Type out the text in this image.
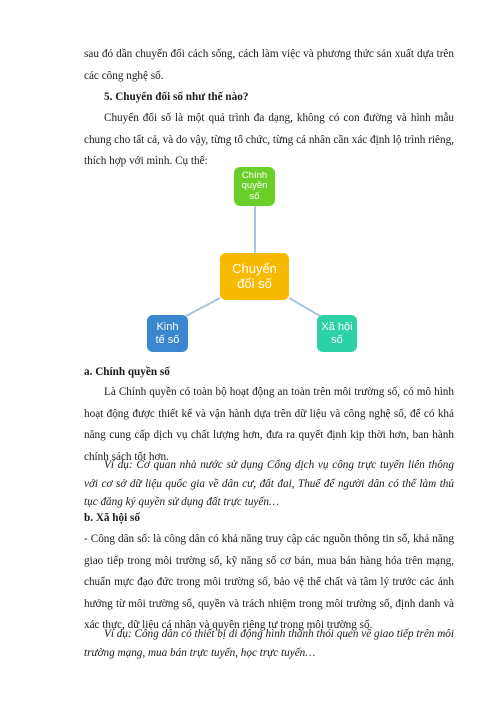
sau đó dần chuyển đổi cách sống, cách làm việc và phương thức sản xuất dựa trên các công nghệ số.

5. Chuyển đổi số như thế nào?

Chuyển đổi số là một quá trình đa dạng, không có con đường và hình mẫu chung cho tất cả, và do vậy, từng tổ chức, từng cá nhân cần xác định lộ trình riêng, thích hợp với mình. Cụ thể:

Chính
quyền
số
Chuyển
đổi số
Kinh
tế số
Xã hội
số

a. Chính quyền số

Là Chính quyền có toàn bộ hoạt động an toàn trên môi trường số, có mô hình hoạt động được thiết kế và vận hành dựa trên dữ liệu và công nghệ số, để có khả năng cung cấp dịch vụ chất lượng hơn, đưa ra quyết định kịp thời hơn, ban hành chính sách tốt hơn.

Ví dụ: Cơ quan nhà nước sử dụng Cổng dịch vụ công trực tuyến liên thông với cơ sở dữ liệu quốc gia về dân cư, đất đai, Thuế để người dân có thể làm thủ tục đăng ký quyền sử dụng đất trực tuyến…

b. Xã hội số

- Công dân số: là công dân có khả năng truy cập các nguồn thông tin số, khả năng giao tiếp trong môi trường số, kỹ năng số cơ bản, mua bán hàng hóa trên mạng, chuẩn mực đạo đức trong môi trường số, bảo vệ thể chất và tâm lý trước các ảnh hưởng từ môi trường số, quyền và trách nhiệm trong môi trường số, định danh và xác thực, dữ liệu cá nhân và quyền riêng tư trong môi trường số.

Ví dụ: Công dân có thiết bị di động hình thành thói quen về giao tiếp trên môi trường mạng, mua bán trực tuyến, học trực tuyến…
